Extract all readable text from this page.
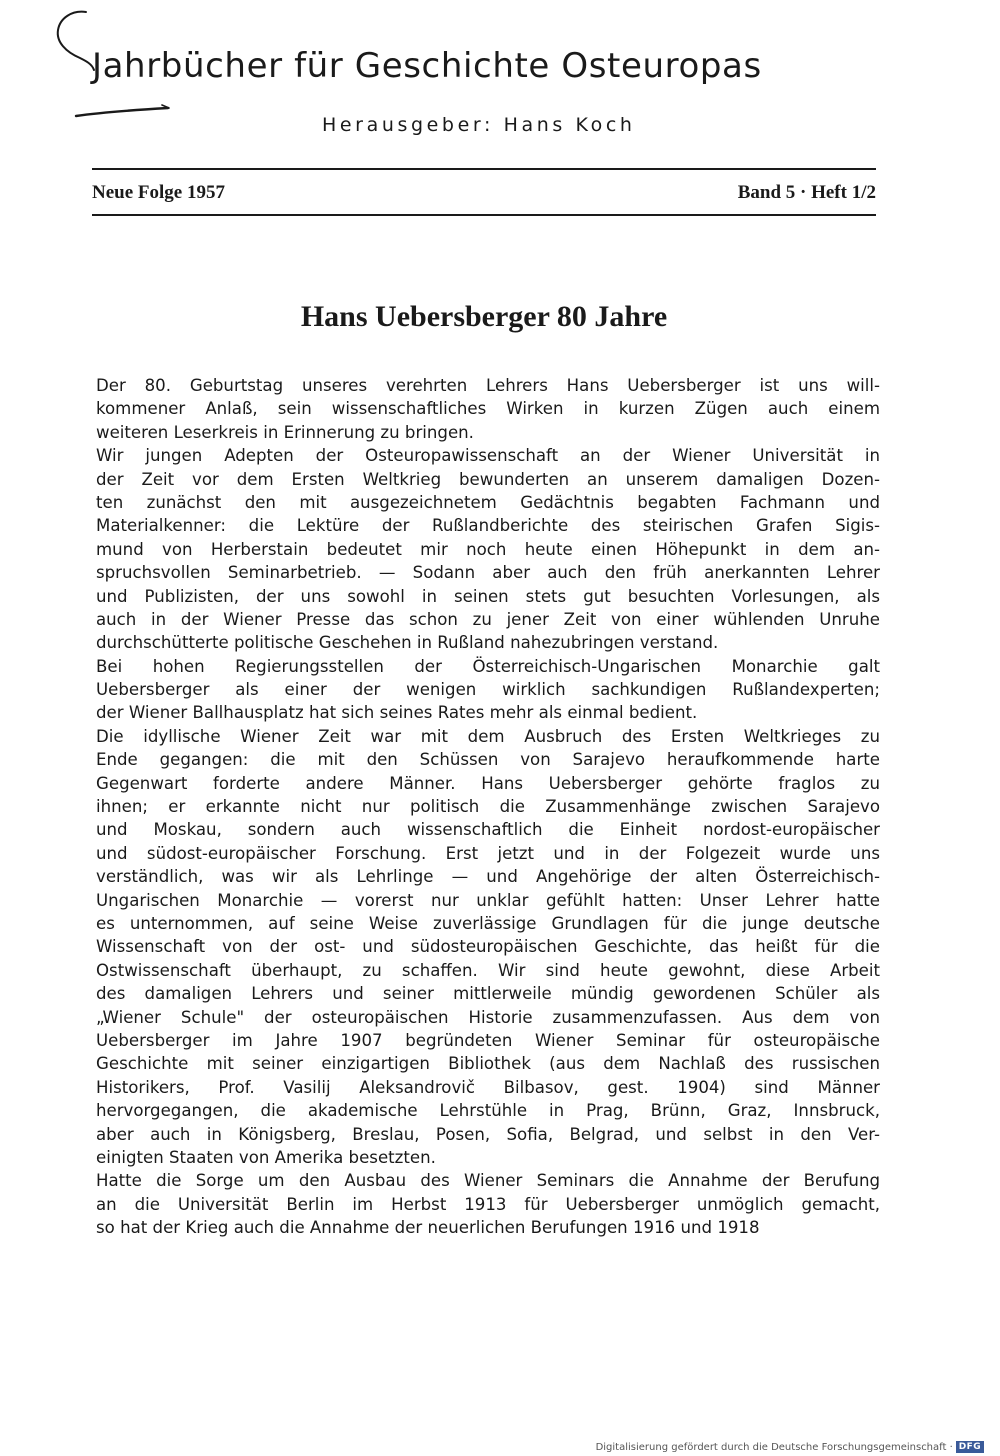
Jahrbücher für Geschichte Osteuropas
Herausgeber: Hans Koch
Neue Folge 1957	Band 5 · Heft 1/2
Hans Uebersberger 80 Jahre
Der 80. Geburtstag unseres verehrten Lehrers Hans Uebersberger ist uns will-
kommener Anlaß, sein wissenschaftliches Wirken in kurzen Zügen auch einem
weiteren Leserkreis in Erinnerung zu bringen.
Wir jungen Adepten der Osteuropawissenschaft an der Wiener Universität in
der Zeit vor dem Ersten Weltkrieg bewunderten an unserem damaligen Dozen-
ten zunächst den mit ausgezeichnetem Gedächtnis begabten Fachmann und
Materialkenner: die Lektüre der Rußlandberichte des steirischen Grafen Sigis-
mund von Herberstain bedeutet mir noch heute einen Höhepunkt in dem an-
spruchsvollen Seminarbetrieb. — Sodann aber auch den früh anerkannten Lehrer
und Publizisten, der uns sowohl in seinen stets gut besuchten Vorlesungen, als
auch in der Wiener Presse das schon zu jener Zeit von einer wühlenden Unruhe
durchschütterte politische Geschehen in Rußland nahezubringen verstand.
Bei hohen Regierungsstellen der Österreichisch-Ungarischen Monarchie galt
Uebersberger als einer der wenigen wirklich sachkundigen Rußlandexperten;
der Wiener Ballhausplatz hat sich seines Rates mehr als einmal bedient.
Die idyllische Wiener Zeit war mit dem Ausbruch des Ersten Weltkrieges zu
Ende gegangen: die mit den Schüssen von Sarajevo heraufkommende harte
Gegenwart forderte andere Männer. Hans Uebersberger gehörte fraglos zu
ihnen; er erkannte nicht nur politisch die Zusammenhänge zwischen Sarajevo
und Moskau, sondern auch wissenschaftlich die Einheit nordost-europäischer
und südost-europäischer Forschung. Erst jetzt und in der Folgezeit wurde uns
verständlich, was wir als Lehrlinge — und Angehörige der alten Österreichisch-
Ungarischen Monarchie — vorerst nur unklar gefühlt hatten: Unser Lehrer hatte
es unternommen, auf seine Weise zuverlässige Grundlagen für die junge deutsche
Wissenschaft von der ost- und südosteuropäischen Geschichte, das heißt für die
Ostwissenschaft überhaupt, zu schaffen. Wir sind heute gewohnt, diese Arbeit
des damaligen Lehrers und seiner mittlerweile mündig gewordenen Schüler als
„Wiener Schule" der osteuropäischen Historie zusammenzufassen. Aus dem von
Uebersberger im Jahre 1907 begründeten Wiener Seminar für osteuropäische
Geschichte mit seiner einzigartigen Bibliothek (aus dem Nachlaß des russischen
Historikers, Prof. Vasilij Aleksandrovič Bilbasov, gest. 1904) sind Männer
hervorgegangen, die akademische Lehrstühle in Prag, Brünn, Graz, Innsbruck,
aber auch in Königsberg, Breslau, Posen, Sofia, Belgrad, und selbst in den Ver-
einigten Staaten von Amerika besetzten.
Hatte die Sorge um den Ausbau des Wiener Seminars die Annahme der Berufung
an die Universität Berlin im Herbst 1913 für Uebersberger unmöglich gemacht,
so hat der Krieg auch die Annahme der neuerlichen Berufungen 1916 und 1918
Digitalisierung gefördert durch die Deutsche Forschungsgemeinschaft · DFG
